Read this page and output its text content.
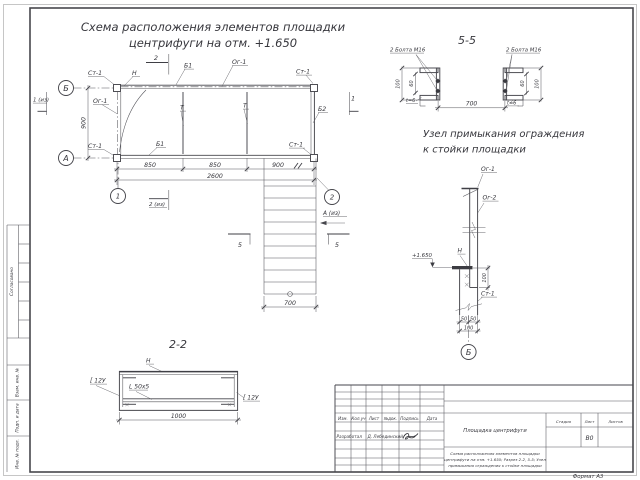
Согласовано
Взам. инв. №
Подп. и дата
Инв. № подл.
Схема расположения элементов площадки
центрифуги на отм. +1.650
Б
А
1	2
Ст-1	Н
Б1	Ог-1
Ст-1
Ог-1
Ст-1	Б1
Т	Т	Б2
Ст-1
850	850	900
2600
900
700
2
2 (из)
1 (из)	1
5	5
А (из)
5-5
2 Болта М16	2 Болта М16
100 60	60 100
t=6	t=6
700
Узел примыкания ограждения
к стойки площадки
Ог-1
Ог-2
Н
+1.650
100
Ст-1
50 50
100
Б
2-2
Н
[ 12У
[ 12У
L 50х5
1000	Изм. Кол.уч Лист №док. Подпись Дата
Разработал Д. Лебединский
Площадка центрифуги
Стадия	Лист	Листов
В0
Схема расположения элементов площадки
центрифуги на отм. +1.650; Разрез 2-2, 5-5; Узел
примыкания ограждения к стойке площадки
Формат А3
